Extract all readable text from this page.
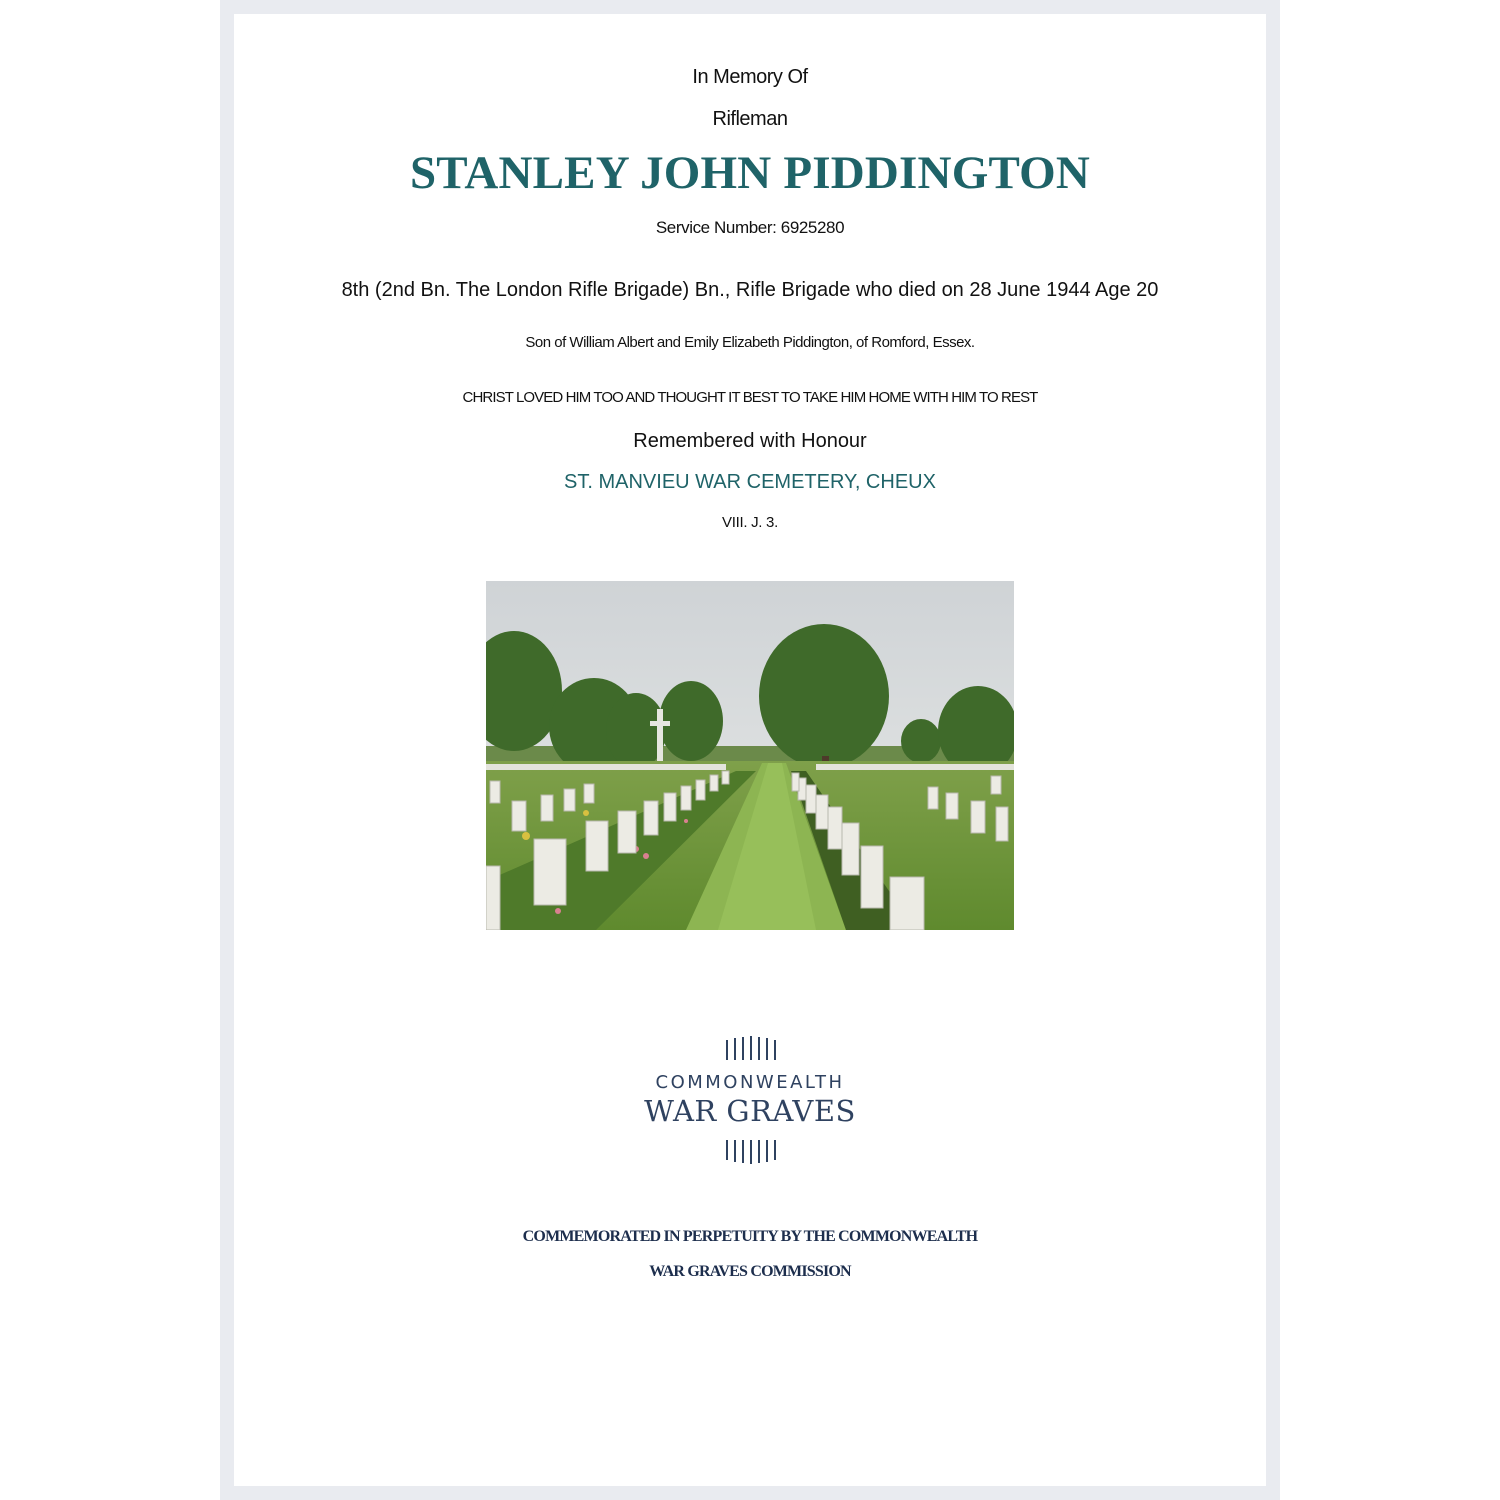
In Memory Of
Rifleman
STANLEY JOHN PIDDINGTON
Service Number: 6925280
8th (2nd Bn. The London Rifle Brigade) Bn., Rifle Brigade who died on 28 June 1944 Age 20
Son of William Albert and Emily Elizabeth Piddington, of Romford, Essex.
CHRIST LOVED HIM TOO AND THOUGHT IT BEST TO TAKE HIM HOME WITH HIM TO REST
Remembered with Honour
ST. MANVIEU WAR CEMETERY, CHEUX
VIII. J. 3.
COMMONWEALTH
WAR GRAVES
COMMEMORATED IN PERPETUITY BY THE COMMONWEALTH
WAR GRAVES COMMISSION
